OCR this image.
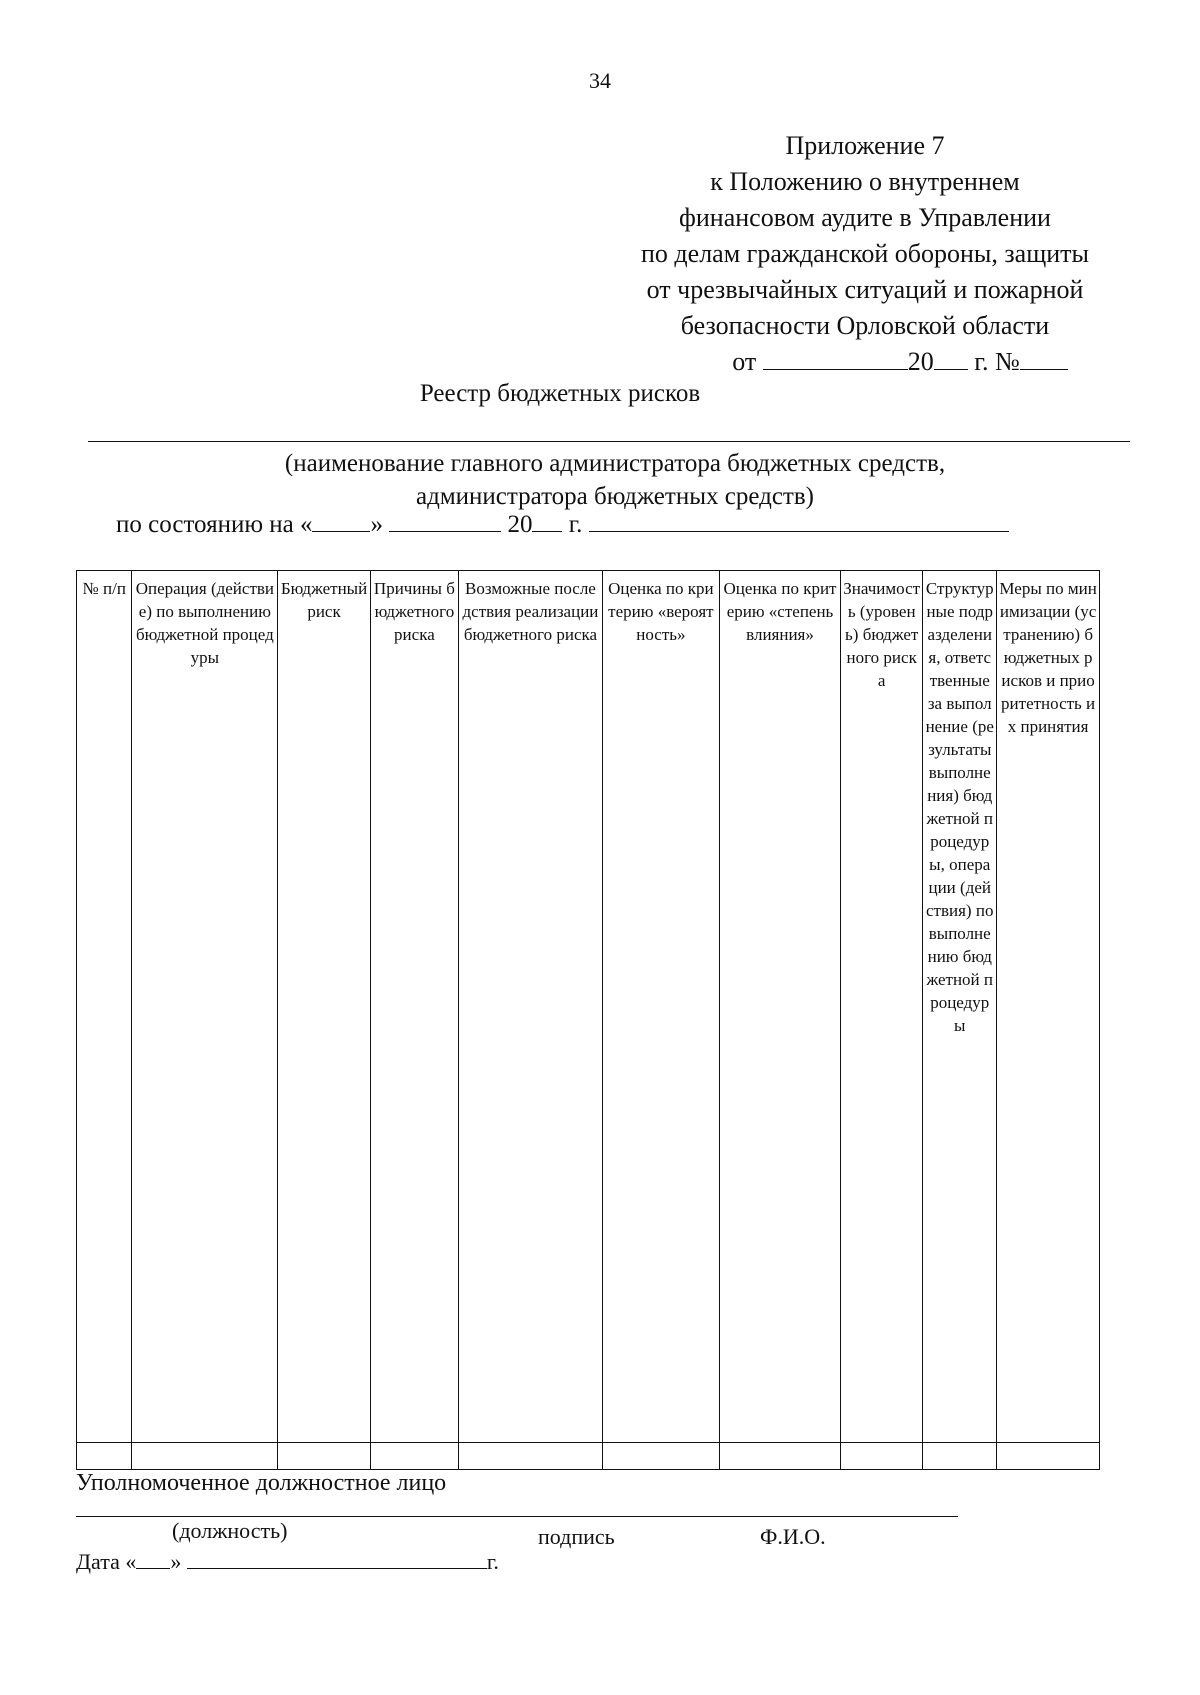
34
Приложение 7
к Положению о внутреннем
финансовом аудите в Управлении
по делам гражданской обороны, защиты
от чрезвычайных ситуаций и пожарной
безопасности Орловской области
от	20 г. №
Реестр бюджетных рисков
(наименование главного администратора бюджетных средств,
администратора бюджетных средств)
по состоянию на « »	20 г.
№ п/п	Операция (действие) по выполнению бюджетной процедуры	Бюджетный риск	Причины бюджетного риска	Возможные последствия реализации бюджетного риска	Оценка по критерию «вероятность»	Оценка по критерию «степень влияния»	Значимость (уровень) бюджетного риска	Структурные подразделения, ответственные за выполнение (результаты выполнения) бюджетной процедуры, операции (действия) по выполнению бюджетной процедуры	Меры по минимизации (устранению) бюджетных рисков и приоритетность их принятия

Уполномоченное должностное лицо
(должность)	подпись	Ф.И.О.
Дата « »	г.
